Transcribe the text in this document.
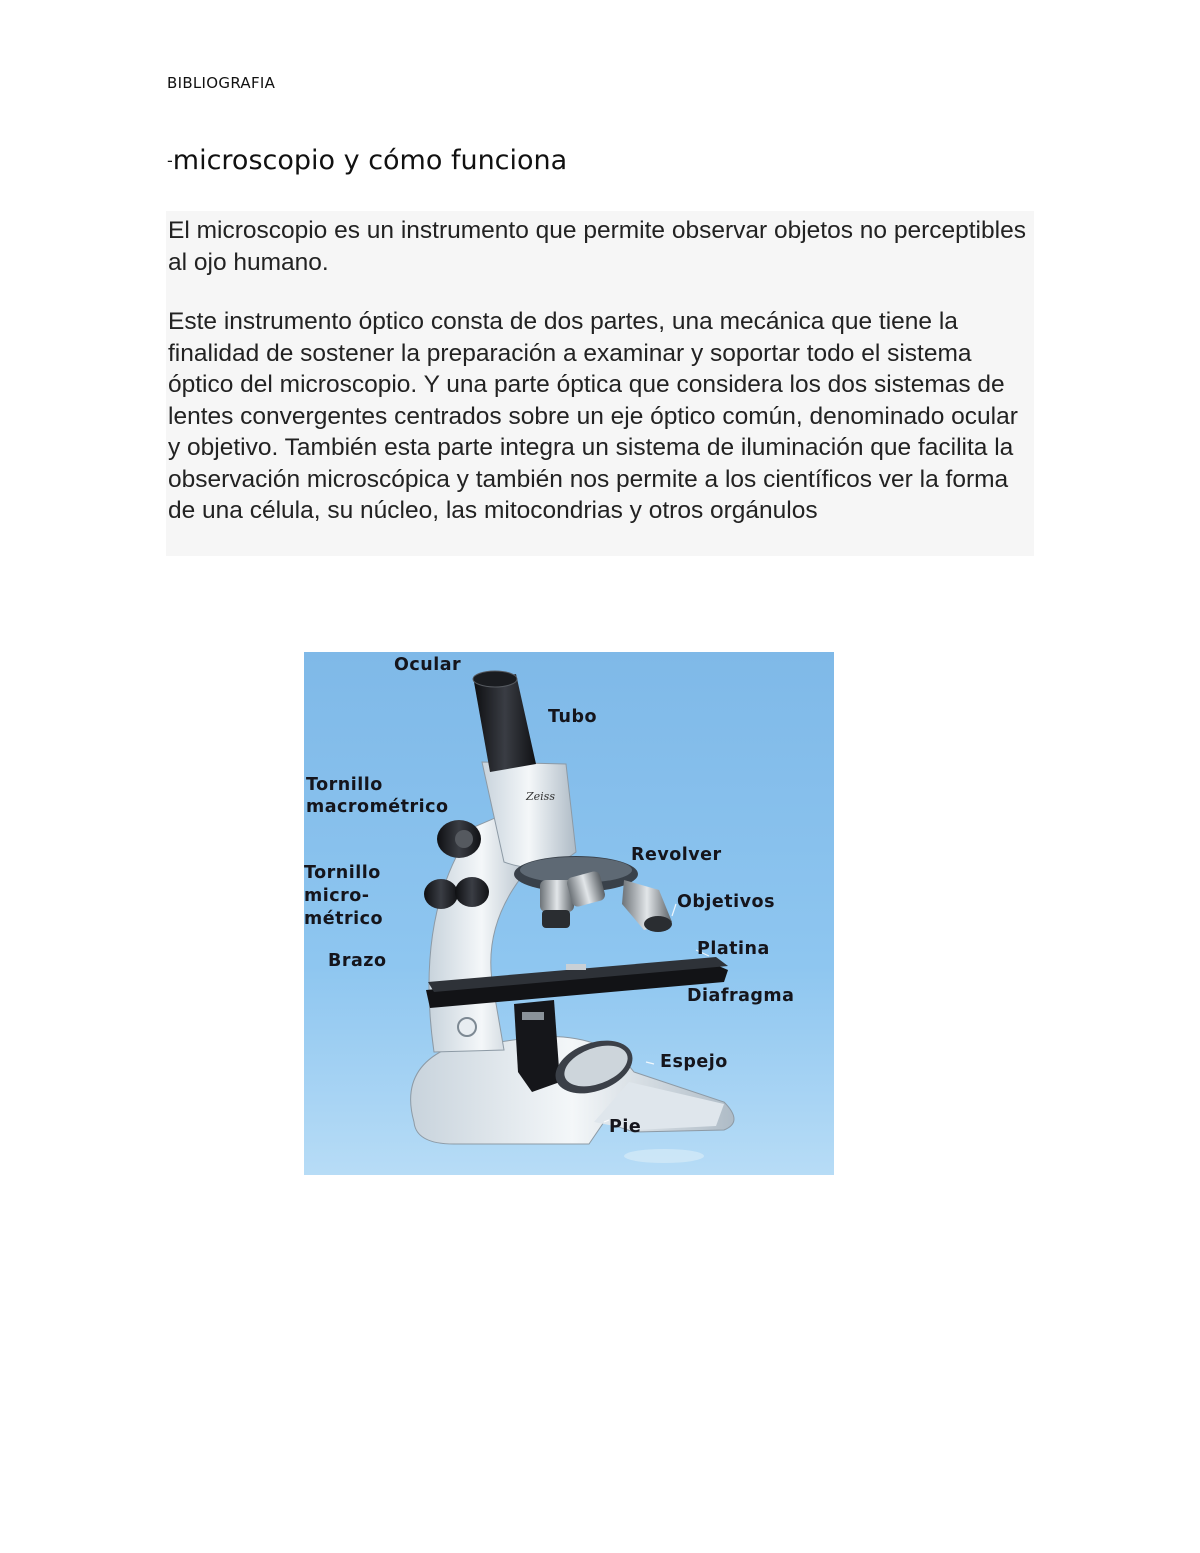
BIBLIOGRAFIA
-microscopio y cómo funciona

El microscopio es un instrumento que permite observar objetos no perceptibles al ojo humano.

Este instrumento óptico consta de dos partes, una mecánica que tiene la finalidad de sostener la preparación a examinar y soportar todo el sistema óptico del microscopio. Y una parte óptica que considera los dos sistemas de lentes convergentes centrados sobre un eje óptico común, denominado ocular y objetivo. También esta parte integra un sistema de iluminación que facilita la observación microscópica y también nos permite a los científicos ver la forma de una célula, su núcleo, las mitocondrias y otros orgánulos

Zeiss
Ocular
Tubo
Tornillo
macrométrico
Revolver
Tornillo
micro-
métrico
Objetivos
Platina
Brazo
Diafragma
Espejo
Pie
